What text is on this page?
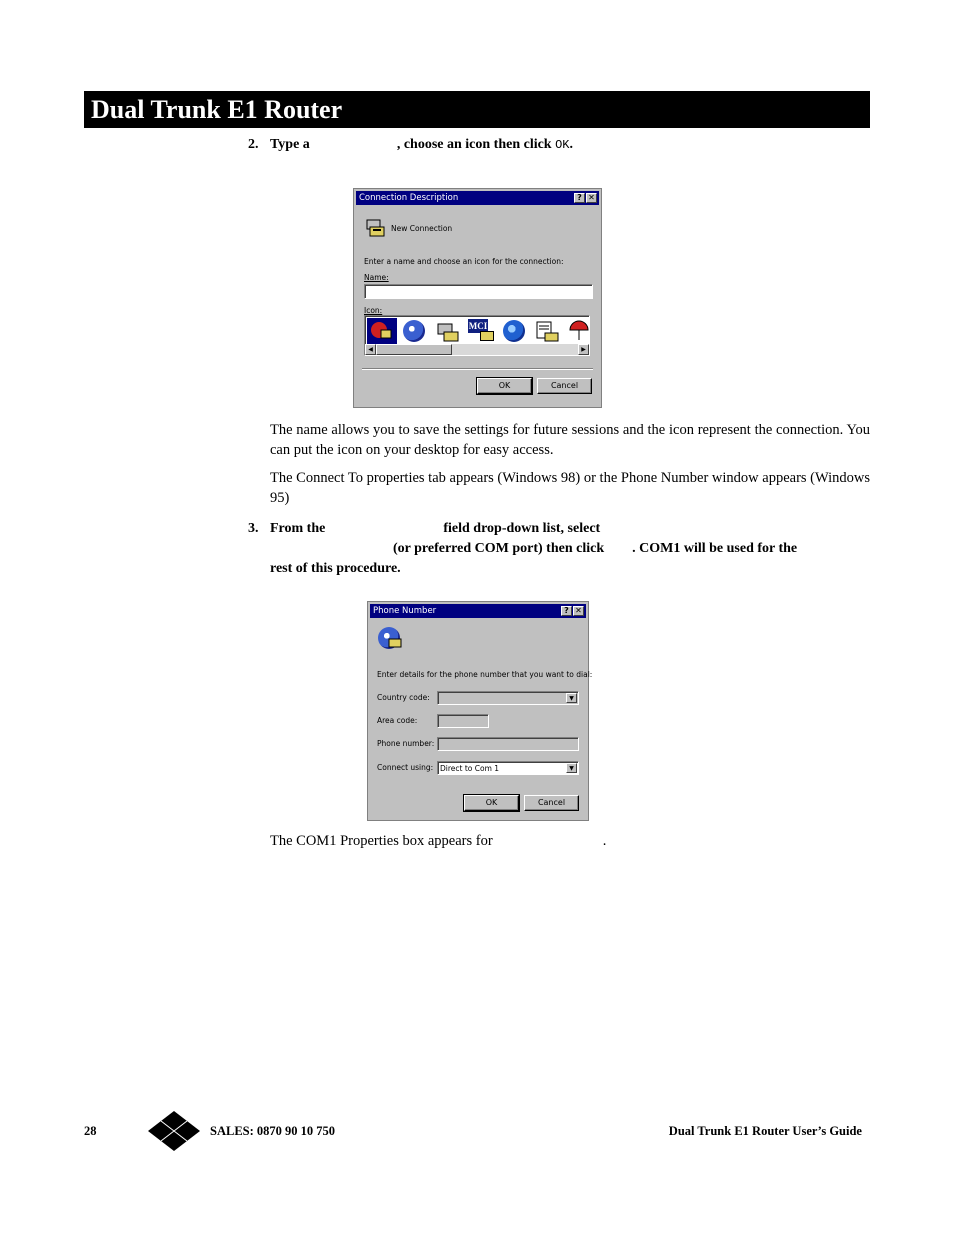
Dual Trunk E1 Router
2. Type a	, choose an icon then click OK.
Connection Description	? ✕
New Connection
Enter a name and choose an icon for the connection:
Name:
Icon:
MCI
◀	▶
OK	Cancel
The name allows you to save the settings for future sessions and the icon represent the connection. You can put the icon on your desktop for easy access.
The Connect To properties tab appears (Windows 98) or the Phone Number window appears (Windows 95)
3. From the	field drop-down list, select
(or preferred COM port) then click . COM1 will be used for the
rest of this procedure.
Phone Number	? ✕
Enter details for the phone number that you want to dial:
Country code:	▼
Area code:
Phone number:
Connect using: Direct to Com 1	▼
OK	Cancel
The COM1 Properties box appears for	.
28	SALES: 0870 90 10 750	Dual Trunk E1 Router User’s Guide
